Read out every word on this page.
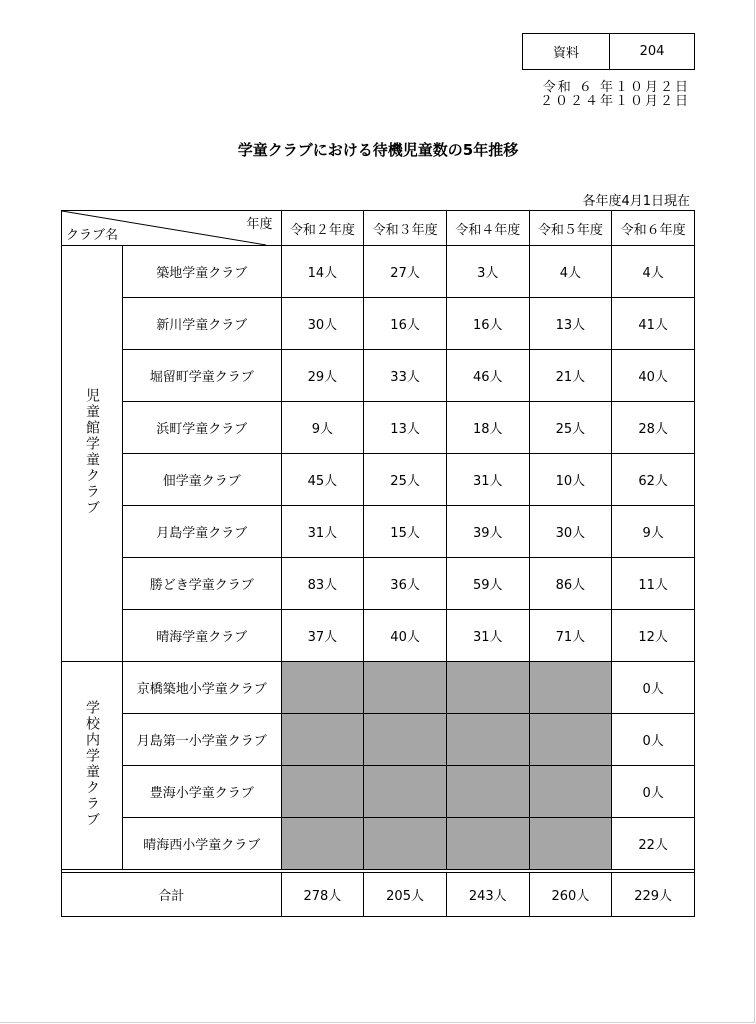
資料	204
令和 ６ 年１０月２日
２０２４年１０月２日
学童クラブにおける待機児童数の5年推移
各年度4月1日現在
年度
クラブ名		令和２年度	令和３年度	令和４年度	令和５年度	令和６年度
児童館学童クラブ	築地学童クラブ	14人	27人	3人	4人	4人
	新川学童クラブ	30人	16人	16人	13人	41人
	堀留町学童クラブ	29人	33人	46人	21人	40人
	浜町学童クラブ	9人	13人	18人	25人	28人
	佃学童クラブ	45人	25人	31人	10人	62人
	月島学童クラブ	31人	15人	39人	30人	9人
	勝どき学童クラブ	83人	36人	59人	86人	11人
	晴海学童クラブ	37人	40人	31人	71人	12人
学校内学童クラブ	京橋築地小学童クラブ					0人
	月島第一小学童クラブ					0人
	豊海小学童クラブ					0人
	晴海西小学童クラブ					22人

合計		278人	205人	243人	260人	229人
